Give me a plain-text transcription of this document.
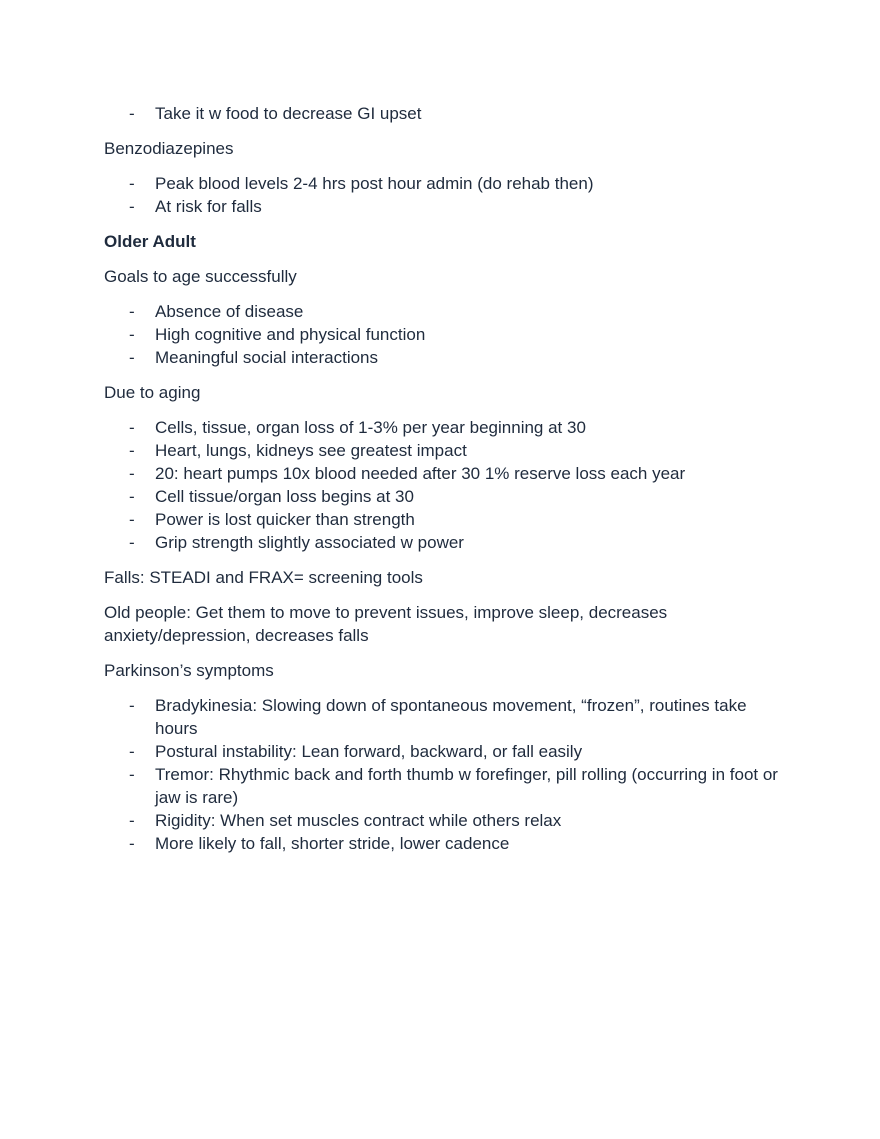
- Take it w food to decrease GI upset

Benzodiazepines

- Peak blood levels 2-4 hrs post hour admin (do rehab then)
- At risk for falls

Older Adult

Goals to age successfully

- Absence of disease
- High cognitive and physical function
- Meaningful social interactions

Due to aging

- Cells, tissue, organ loss of 1-3% per year beginning at 30
- Heart, lungs, kidneys see greatest impact
- 20: heart pumps 10x blood needed after 30 1% reserve loss each year
- Cell tissue/organ loss begins at 30
- Power is lost quicker than strength
- Grip strength slightly associated w power

Falls: STEADI and FRAX= screening tools

Old people: Get them to move to prevent issues, improve sleep, decreases anxiety/depression, decreases falls

Parkinson’s symptoms

- Bradykinesia: Slowing down of spontaneous movement, “frozen”, routines take hours
- Postural instability: Lean forward, backward, or fall easily
- Tremor: Rhythmic back and forth thumb w forefinger, pill rolling (occurring in foot or jaw is rare)
- Rigidity: When set muscles contract while others relax
- More likely to fall, shorter stride, lower cadence
